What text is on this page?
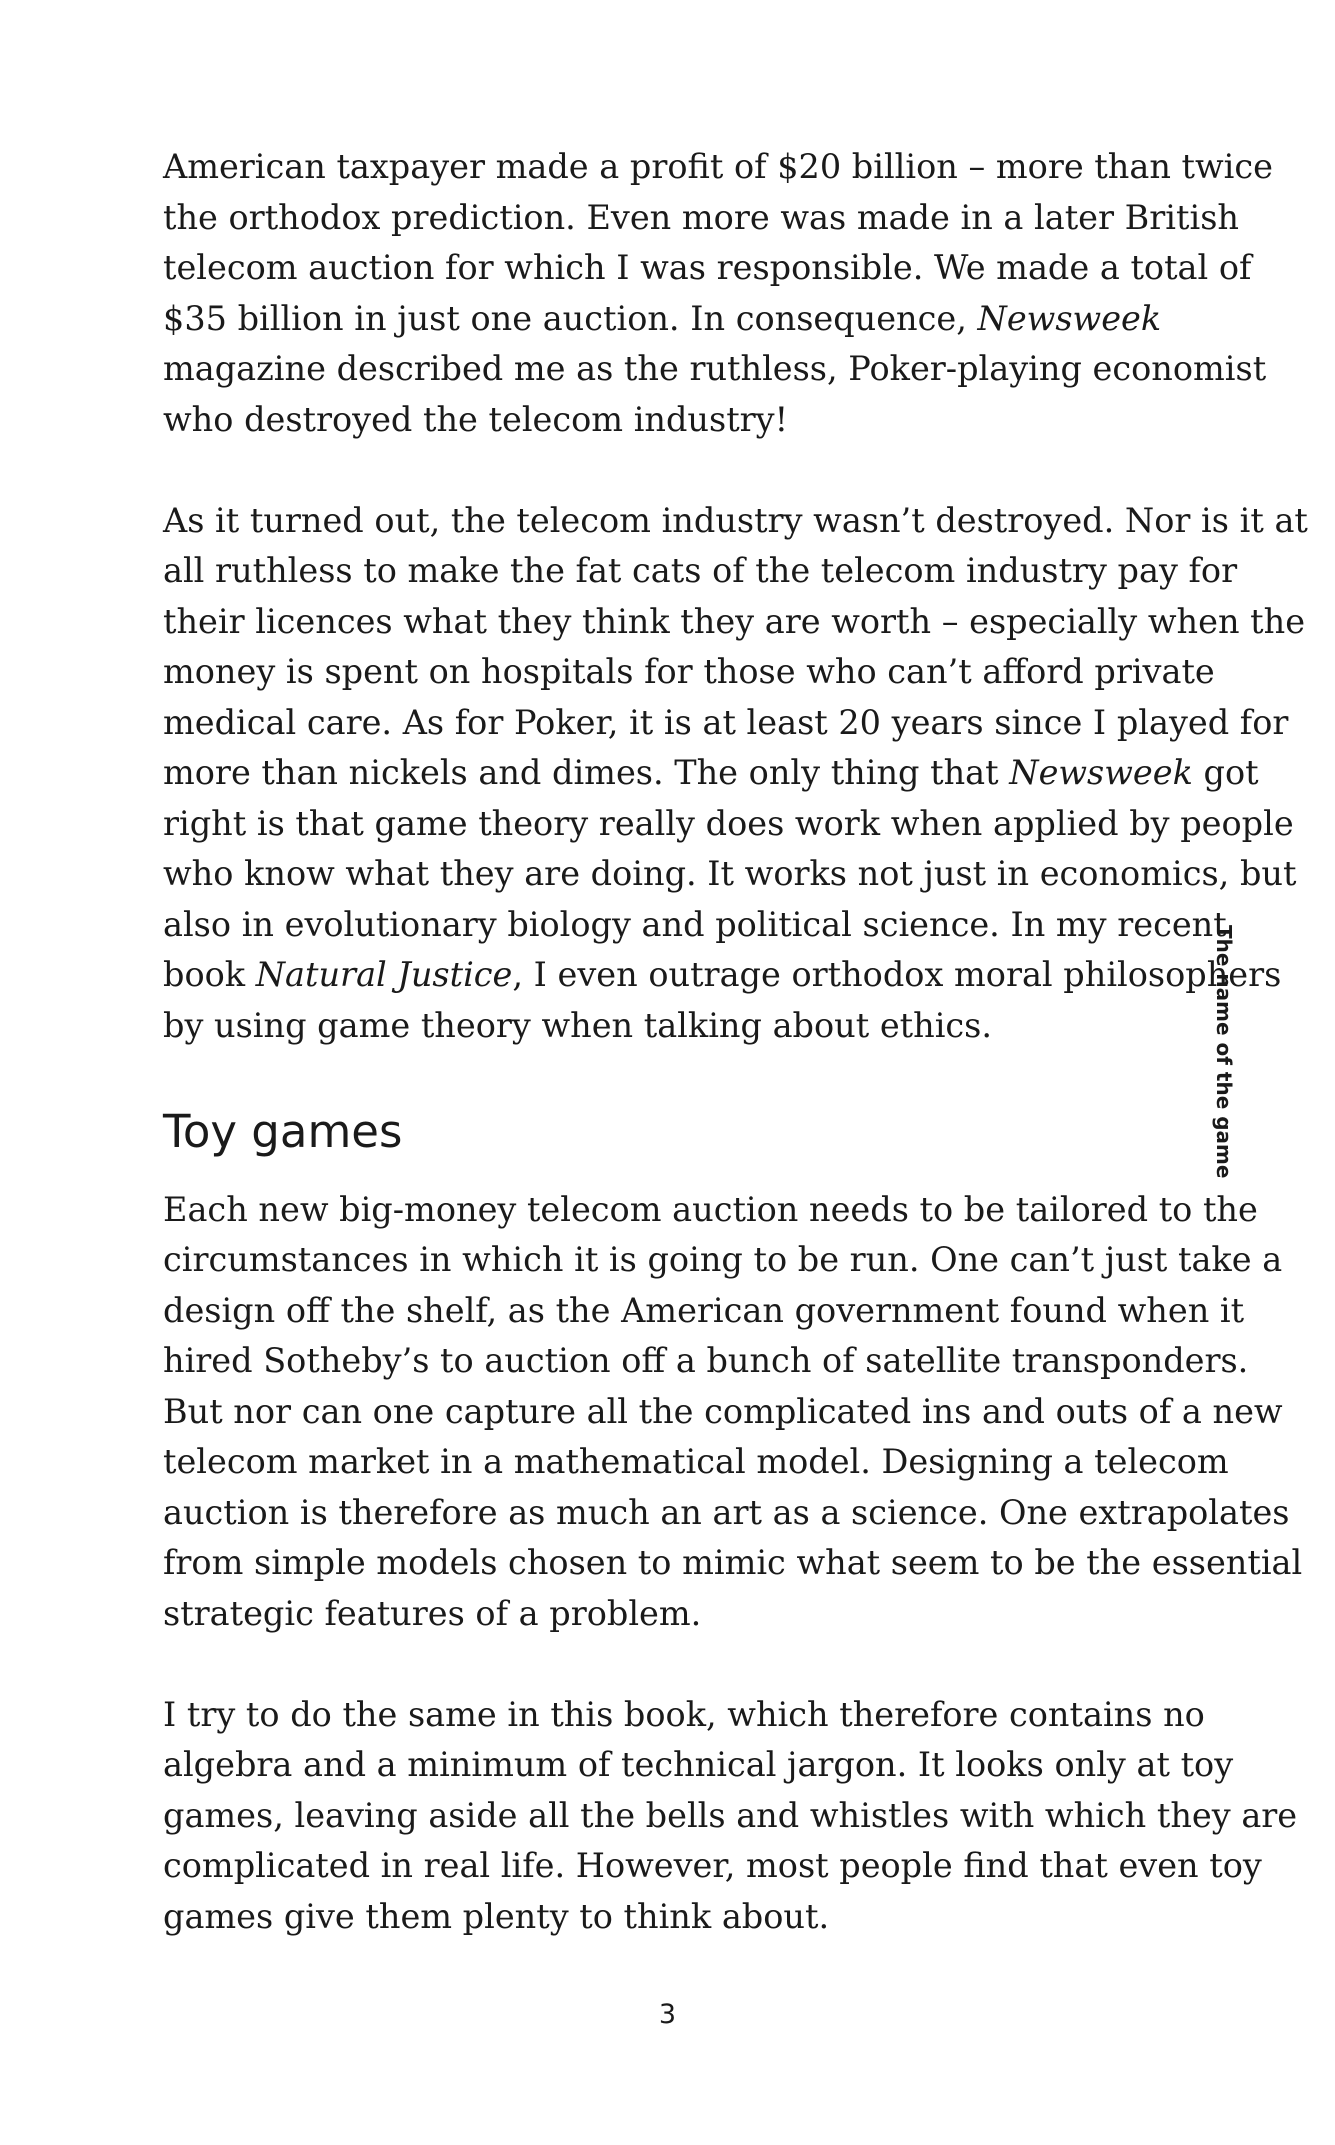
American taxpayer made a profit of $20 billion – more than twice
the orthodox prediction. Even more was made in a later British
telecom auction for which I was responsible. We made a total of
$35 billion in just one auction. In consequence, Newsweek
magazine described me as the ruthless, Poker-playing economist
who destroyed the telecom industry!

As it turned out, the telecom industry wasn’t destroyed. Nor is it at
all ruthless to make the fat cats of the telecom industry pay for
their licences what they think they are worth – especially when the
money is spent on hospitals for those who can’t afford private
medical care. As for Poker, it is at least 20 years since I played for
more than nickels and dimes. The only thing that Newsweek got
right is that game theory really does work when applied by people
who know what they are doing. It works not just in economics, but
also in evolutionary biology and political science. In my recent
book Natural Justice, I even outrage orthodox moral philosophers
by using game theory when talking about ethics.

Toy games

Each new big-money telecom auction needs to be tailored to the
circumstances in which it is going to be run. One can’t just take a
design off the shelf, as the American government found when it
hired Sotheby’s to auction off a bunch of satellite transponders.
But nor can one capture all the complicated ins and outs of a new
telecom market in a mathematical model. Designing a telecom
auction is therefore as much an art as a science. One extrapolates
from simple models chosen to mimic what seem to be the essential
strategic features of a problem.

I try to do the same in this book, which therefore contains no
algebra and a minimum of technical jargon. It looks only at toy
games, leaving aside all the bells and whistles with which they are
complicated in real life. However, most people find that even toy
games give them plenty to think about.

The name of the game
3
